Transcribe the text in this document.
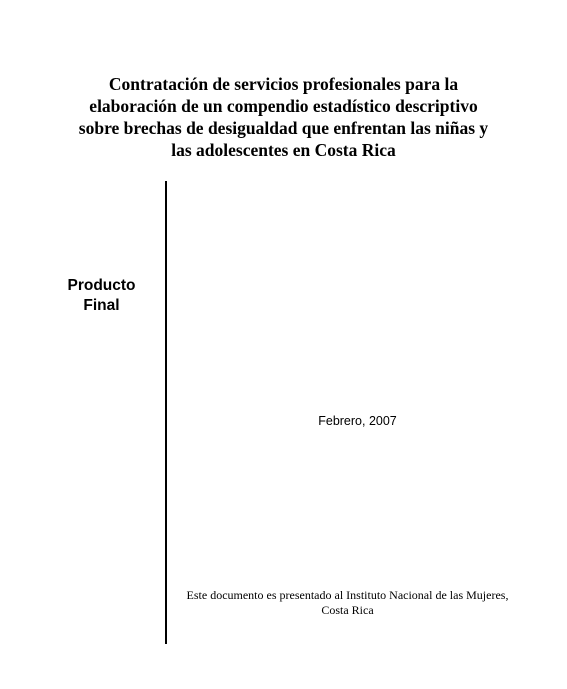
Contratación de servicios profesionales para la
elaboración de un compendio estadístico descriptivo
sobre brechas de desigualdad que enfrentan las niñas y
las adolescentes en Costa Rica
Producto
Final
Febrero, 2007
Este documento es presentado al Instituto Nacional de las Mujeres,
Costa Rica
